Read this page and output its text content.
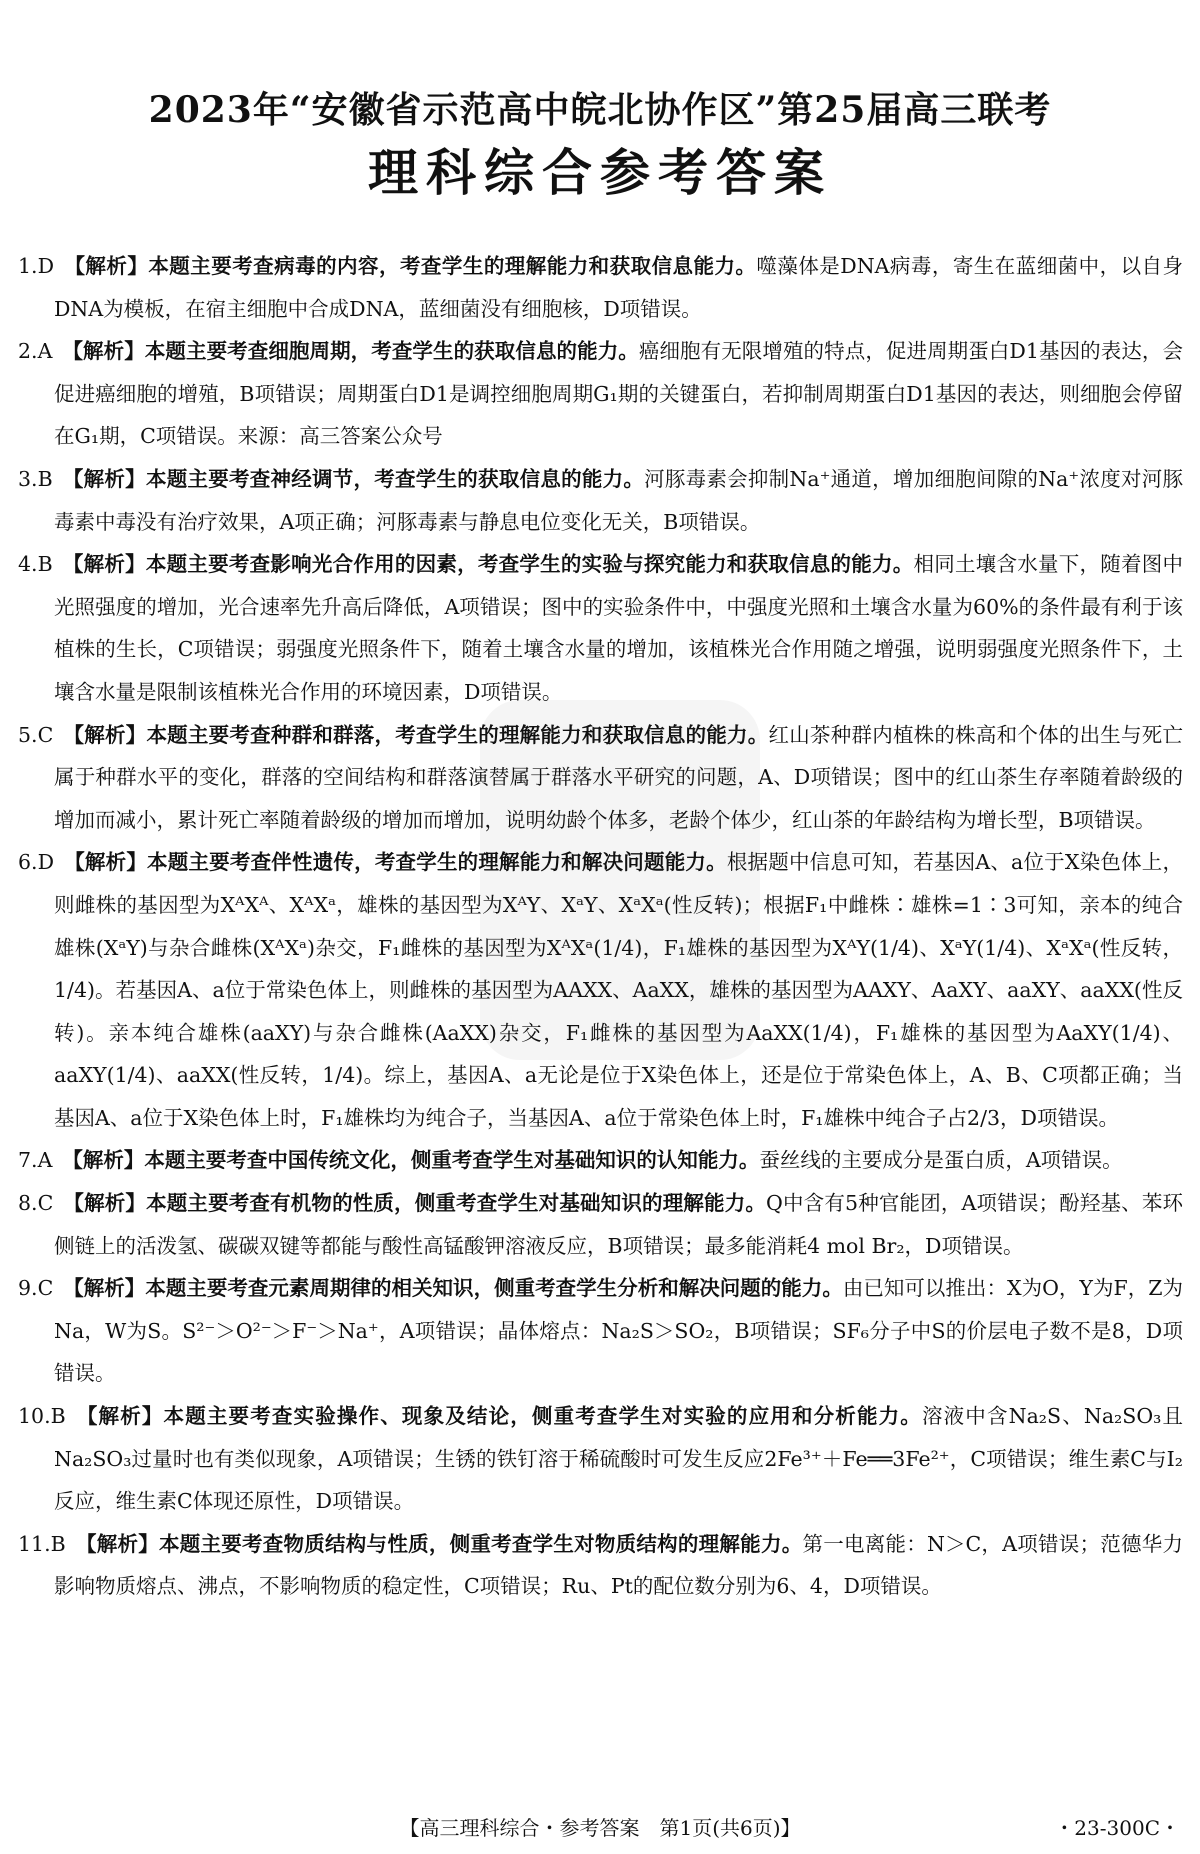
2023年“安徽省示范高中皖北协作区”第25届高三联考
理科综合参考答案

1.D 【解析】本题主要考查病毒的内容，考查学生的理解能力和获取信息能力。噬藻体是DNA病毒，寄生在蓝细菌中，以自身DNA为模板，在宿主细胞中合成DNA，蓝细菌没有细胞核，D项错误。

2.A 【解析】本题主要考查细胞周期，考查学生的获取信息的能力。癌细胞有无限增殖的特点，促进周期蛋白D1基因的表达，会促进癌细胞的增殖，B项错误；周期蛋白D1是调控细胞周期G₁期的关键蛋白，若抑制周期蛋白D1基因的表达，则细胞会停留在G₁期，C项错误。来源：高三答案公众号

3.B 【解析】本题主要考查神经调节，考查学生的获取信息的能力。河豚毒素会抑制Na⁺通道，增加细胞间隙的Na⁺浓度对河豚毒素中毒没有治疗效果，A项正确；河豚毒素与静息电位变化无关，B项错误。

4.B 【解析】本题主要考查影响光合作用的因素，考查学生的实验与探究能力和获取信息的能力。相同土壤含水量下，随着图中光照强度的增加，光合速率先升高后降低，A项错误；图中的实验条件中，中强度光照和土壤含水量为60%的条件最有利于该植株的生长，C项错误；弱强度光照条件下，随着土壤含水量的增加，该植株光合作用随之增强，说明弱强度光照条件下，土壤含水量是限制该植株光合作用的环境因素，D项错误。

5.C 【解析】本题主要考查种群和群落，考查学生的理解能力和获取信息的能力。红山茶种群内植株的株高和个体的出生与死亡属于种群水平的变化，群落的空间结构和群落演替属于群落水平研究的问题，A、D项错误；图中的红山茶生存率随着龄级的增加而减小，累计死亡率随着龄级的增加而增加，说明幼龄个体多，老龄个体少，红山茶的年龄结构为增长型，B项错误。

6.D 【解析】本题主要考查伴性遗传，考查学生的理解能力和解决问题能力。根据题中信息可知，若基因A、a位于X染色体上，则雌株的基因型为XᴬXᴬ、XᴬXᵃ，雄株的基因型为XᴬY、XᵃY、XᵃXᵃ(性反转)；根据F₁中雌株∶雄株=1∶3可知，亲本的纯合雄株(XᵃY)与杂合雌株(XᴬXᵃ)杂交，F₁雌株的基因型为XᴬXᵃ(1/4)，F₁雄株的基因型为XᴬY(1/4)、XᵃY(1/4)、XᵃXᵃ(性反转，1/4)。若基因A、a位于常染色体上，则雌株的基因型为AAXX、AaXX，雄株的基因型为AAXY、AaXY、aaXY、aaXX(性反转)。亲本纯合雄株(aaXY)与杂合雌株(AaXX)杂交，F₁雌株的基因型为AaXX(1/4)，F₁雄株的基因型为AaXY(1/4)、aaXY(1/4)、aaXX(性反转，1/4)。综上，基因A、a无论是位于X染色体上，还是位于常染色体上，A、B、C项都正确；当基因A、a位于X染色体上时，F₁雄株均为纯合子，当基因A、a位于常染色体上时，F₁雄株中纯合子占2/3，D项错误。

7.A 【解析】本题主要考查中国传统文化，侧重考查学生对基础知识的认知能力。蚕丝线的主要成分是蛋白质，A项错误。

8.C 【解析】本题主要考查有机物的性质，侧重考查学生对基础知识的理解能力。Q中含有5种官能团，A项错误；酚羟基、苯环侧链上的活泼氢、碳碳双键等都能与酸性高锰酸钾溶液反应，B项错误；最多能消耗4 mol Br₂，D项错误。

9.C 【解析】本题主要考查元素周期律的相关知识，侧重考查学生分析和解决问题的能力。由已知可以推出：X为O，Y为F，Z为Na，W为S。S²⁻＞O²⁻＞F⁻＞Na⁺，A项错误；晶体熔点：Na₂S＞SO₂，B项错误；SF₆分子中S的价层电子数不是8，D项错误。

10.B 【解析】本题主要考查实验操作、现象及结论，侧重考查学生对实验的应用和分析能力。溶液中含Na₂S、Na₂SO₃且Na₂SO₃过量时也有类似现象，A项错误；生锈的铁钉溶于稀硫酸时可发生反应2Fe³⁺＋Fe══3Fe²⁺，C项错误；维生素C与I₂反应，维生素C体现还原性，D项错误。

11.B 【解析】本题主要考查物质结构与性质，侧重考查学生对物质结构的理解能力。第一电离能：N＞C，A项错误；范德华力影响物质熔点、沸点，不影响物质的稳定性，C项错误；Ru、Pt的配位数分别为6、4，D项错误。

【高三理科综合・参考答案　第1页(共6页)】	・23-300C・
